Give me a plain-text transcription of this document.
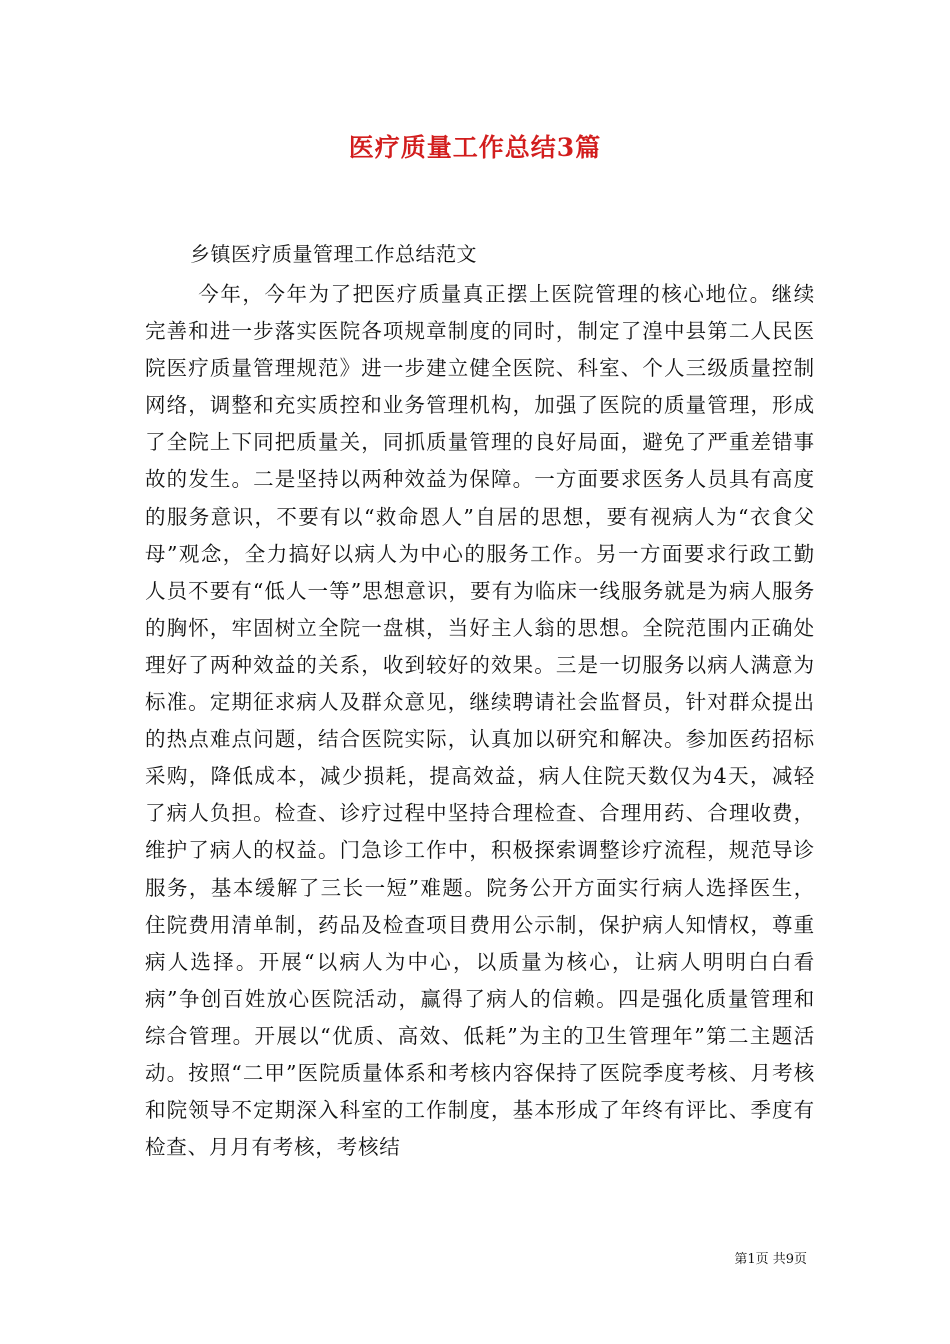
医疗质量工作总结3篇
乡镇医疗质量管理工作总结范文

今年，今年为了把医疗质量真正摆上医院管理的核心地位。继续完善和进一步落实医院各项规章制度的同时，制定了湟中县第二人民医院医疗质量管理规范》进一步建立健全医院、科室、个人三级质量控制网络，调整和充实质控和业务管理机构，加强了医院的质量管理，形成了全院上下同把质量关，同抓质量管理的良好局面，避免了严重差错事故的发生。二是坚持以两种效益为保障。一方面要求医务人员具有高度的服务意识，不要有以“救命恩人”自居的思想，要有视病人为“衣食父母”观念，全力搞好以病人为中心的服务工作。另一方面要求行政工勤人员不要有“低人一等”思想意识，要有为临床一线服务就是为病人服务的胸怀，牢固树立全院一盘棋，当好主人翁的思想。全院范围内正确处理好了两种效益的关系，收到较好的效果。三是一切服务以病人满意为标准。定期征求病人及群众意见，继续聘请社会监督员，针对群众提出的热点难点问题，结合医院实际，认真加以研究和解决。参加医药招标采购，降低成本，减少损耗，提高效益，病人住院天数仅为4天，减轻了病人负担。检查、诊疗过程中坚持合理检查、合理用药、合理收费，维护了病人的权益。门急诊工作中，积极探索调整诊疗流程，规范导诊服务，基本缓解了三长一短”难题。院务公开方面实行病人选择医生，住院费用清单制，药品及检查项目费用公示制，保护病人知情权，尊重病人选择。开展“以病人为中心，以质量为核心，让病人明明白白看病”争创百姓放心医院活动，赢得了病人的信赖。四是强化质量管理和综合管理。开展以“优质、高效、低耗”为主的卫生管理年”第二主题活动。按照“二甲”医院质量体系和考核内容保持了医院季度考核、月考核和院领导不定期深入科室的工作制度，基本形成了年终有评比、季度有检查、月月有考核，考核结

第1页 共9页
